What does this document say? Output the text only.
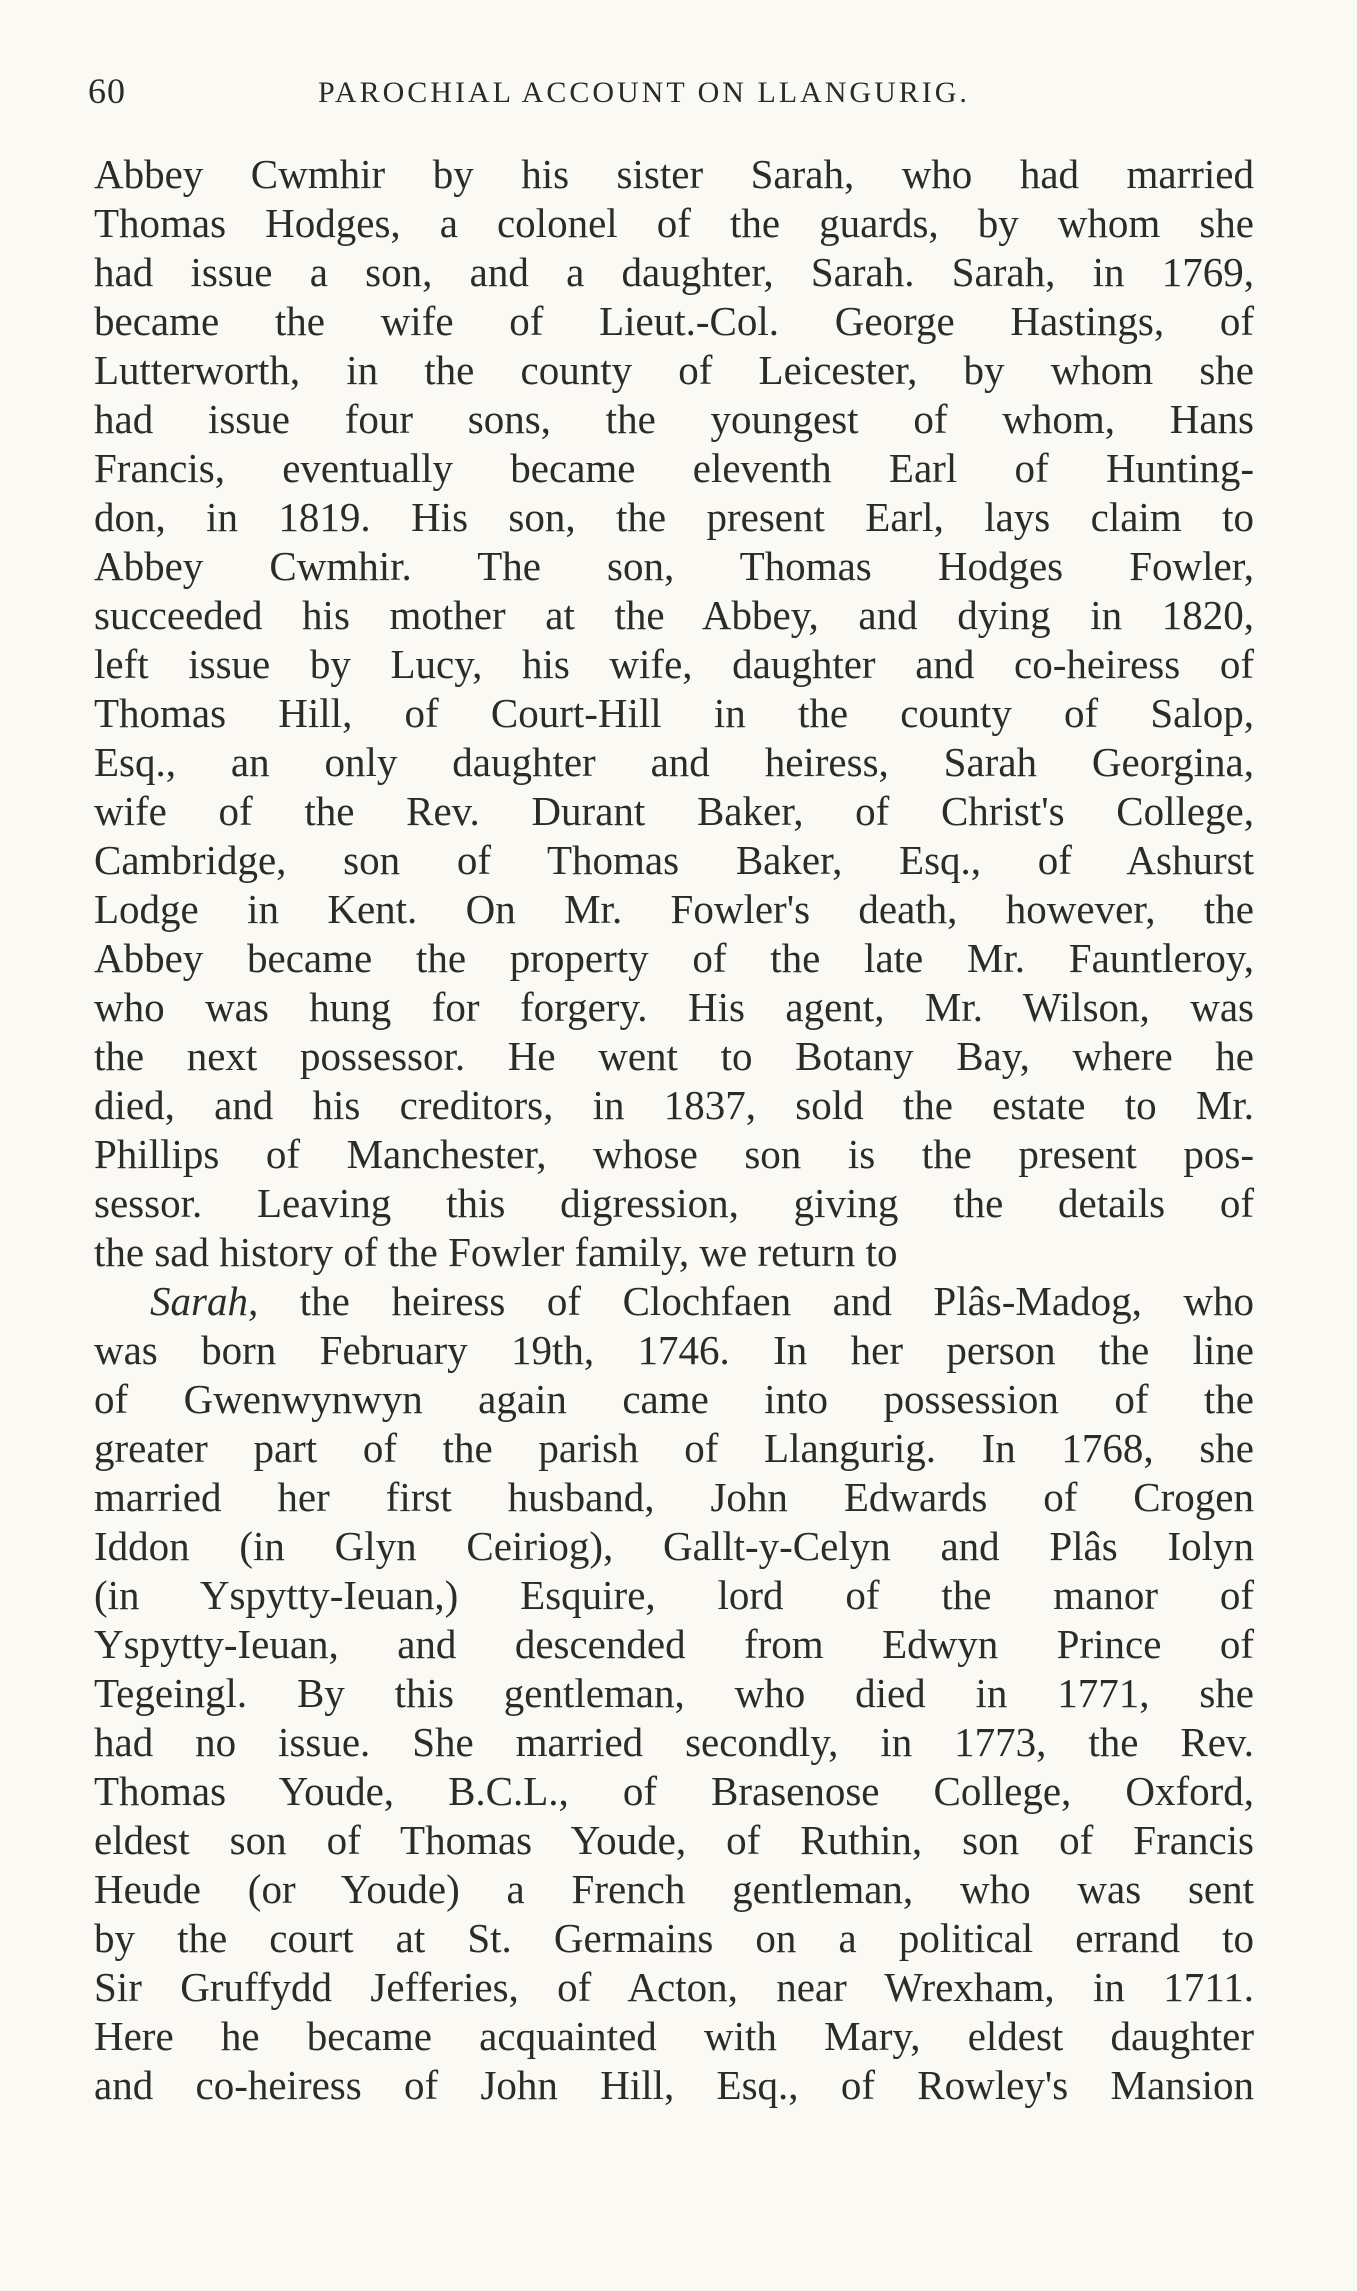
60	PAROCHIAL ACCOUNT ON LLANGURIG.
Abbey Cwmhir by his sister Sarah, who had married
Thomas Hodges, a colonel of the guards, by whom she
had issue a son, and a daughter, Sarah. Sarah, in 1769,
became the wife of Lieut.-Col. George Hastings, of
Lutterworth, in the county of Leicester, by whom she
had issue four sons, the youngest of whom, Hans
Francis, eventually became eleventh Earl of Hunting-
don, in 1819. His son, the present Earl, lays claim to
Abbey Cwmhir. The son, Thomas Hodges Fowler,
succeeded his mother at the Abbey, and dying in 1820,
left issue by Lucy, his wife, daughter and co-heiress of
Thomas Hill, of Court-Hill in the county of Salop,
Esq., an only daughter and heiress, Sarah Georgina,
wife of the Rev. Durant Baker, of Christ's College,
Cambridge, son of Thomas Baker, Esq., of Ashurst
Lodge in Kent. On Mr. Fowler's death, however, the
Abbey became the property of the late Mr. Fauntleroy,
who was hung for forgery. His agent, Mr. Wilson, was
the next possessor. He went to Botany Bay, where he
died, and his creditors, in 1837, sold the estate to Mr.
Phillips of Manchester, whose son is the present pos-
sessor. Leaving this digression, giving the details of
the sad history of the Fowler family, we return to
Sarah, the heiress of Clochfaen and Plâs-Madog, who
was born February 19th, 1746. In her person the line
of Gwenwynwyn again came into possession of the
greater part of the parish of Llangurig. In 1768, she
married her first husband, John Edwards of Crogen
Iddon (in Glyn Ceiriog), Gallt-y-Celyn and Plâs Iolyn
(in Yspytty-Ieuan,) Esquire, lord of the manor of
Yspytty-Ieuan, and descended from Edwyn Prince of
Tegeingl. By this gentleman, who died in 1771, she
had no issue. She married secondly, in 1773, the Rev.
Thomas Youde, B.C.L., of Brasenose College, Oxford,
eldest son of Thomas Youde, of Ruthin, son of Francis
Heude (or Youde) a French gentleman, who was sent
by the court at St. Germains on a political errand to
Sir Gruffydd Jefferies, of Acton, near Wrexham, in 1711.
Here he became acquainted with Mary, eldest daughter
and co-heiress of John Hill, Esq., of Rowley's Mansion
